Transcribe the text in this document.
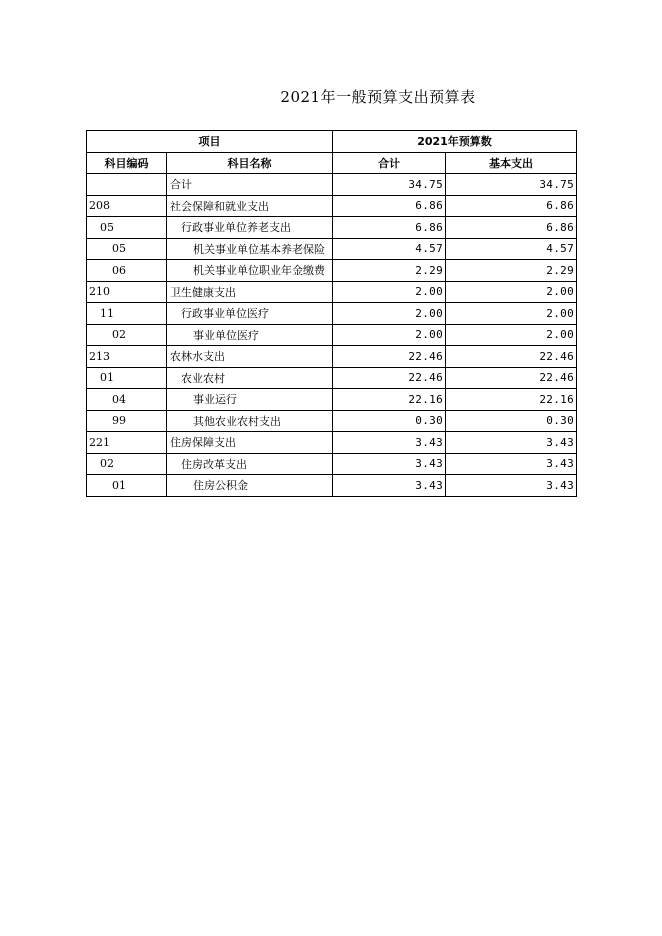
2021年一般预算支出预算表
项目		2021年预算数	
科目编码	科目名称	合计	基本支出
	合计	34.75	34.75
208	社会保障和就业支出	6.86	6.86
05	行政事业单位养老支出	6.86	6.86
05	机关事业单位基本养老保险	4.57	4.57
06	机关事业单位职业年金缴费	2.29	2.29
210	卫生健康支出	2.00	2.00
11	行政事业单位医疗	2.00	2.00
02	事业单位医疗	2.00	2.00
213	农林水支出	22.46	22.46
01	农业农村	22.46	22.46
04	事业运行	22.16	22.16
99	其他农业农村支出	0.30	0.30
221	住房保障支出	3.43	3.43
02	住房改革支出	3.43	3.43
01	住房公积金	3.43	3.43
